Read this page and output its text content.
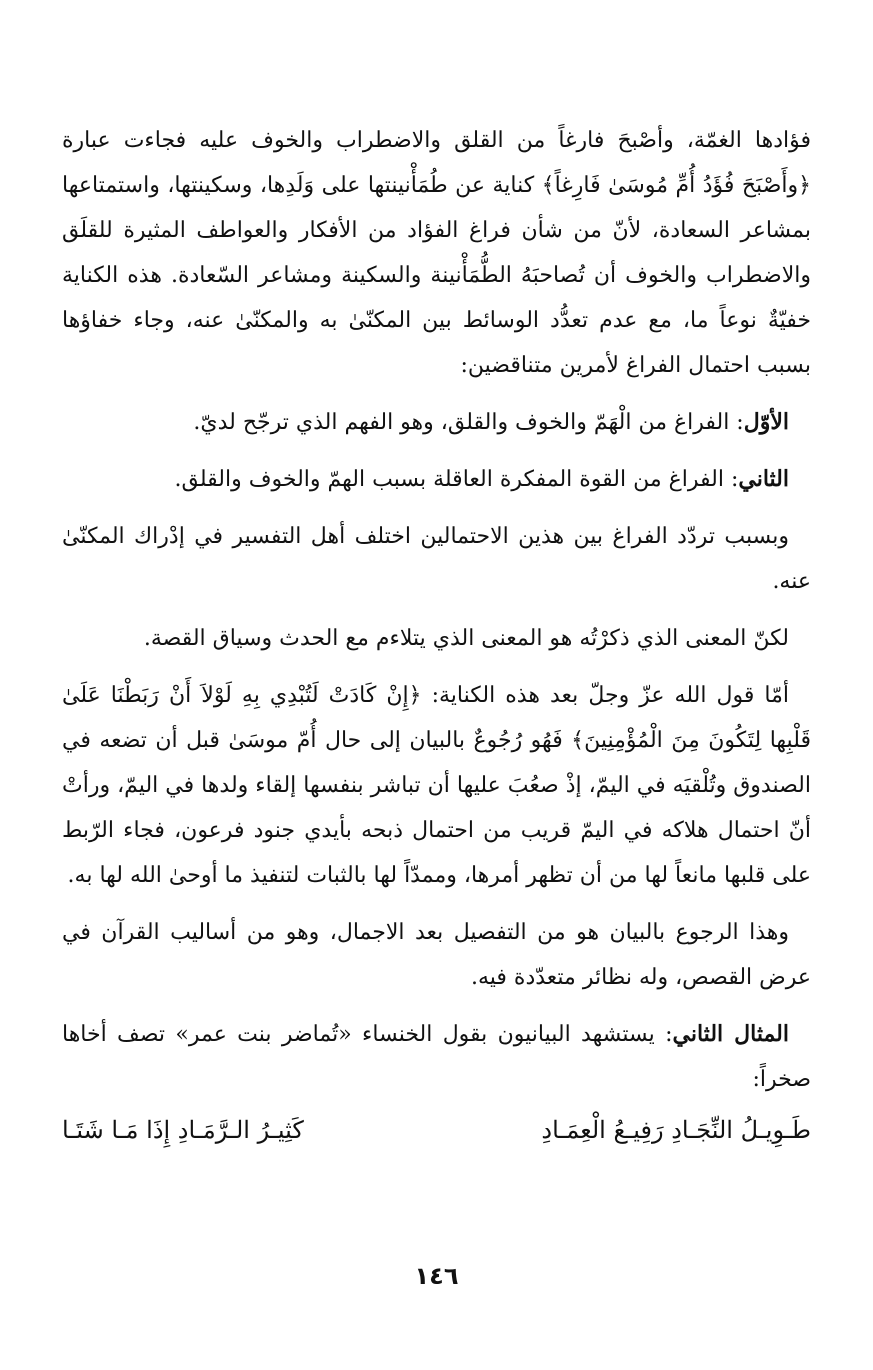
فؤادها الغمّة، وأصْبحَ فارغاً من القلق والاضطراب والخوف عليه فجاءت عبارة ﴿وأَصْبَحَ فُؤَدُ أُمِّ مُوسَىٰ فَارِغاً﴾ كناية عن طُمَأْنينتها على وَلَدِها، وسكينتها، واستمتاعها بمشاعر السعادة، لأنّ من شأن فراغ الفؤاد من الأفكار والعواطف المثيرة للقلَق والاضطراب والخوف أن تُصاحبَهُ الطُّمَأْنينة والسكينة ومشاعر السّعادة. هذه الكناية خفيّةٌ نوعاً ما، مع عدم تعدُّد الوسائط بين المكنّىٰ به والمكنّىٰ عنه، وجاء خفاؤها بسبب احتمال الفراغ لأمرين متناقضين:

الأوّل: الفراغ من الْهَمّ والخوف والقلق، وهو الفهم الذي ترجّح لديّ.

الثاني: الفراغ من القوة المفكرة العاقلة بسبب الهمّ والخوف والقلق.

وبسبب تردّد الفراغ بين هذين الاحتمالين اختلف أهل التفسير في إدْراك المكنّىٰ عنه.

لكنّ المعنى الذي ذكرْتُه هو المعنى الذي يتلاءم مع الحدث وسياق القصة.

أمّا قول الله عزّ وجلّ بعد هذه الكناية: ﴿إِنْ كَادَتْ لَتُبْدِي بِهِ لَوْلاَ أَنْ رَبَطْنَا عَلَىٰ قَلْبِها لِتَكُونَ مِنَ الْمُؤْمِنِينَ﴾ فَهُو رُجُوعٌ بالبيان إلى حال أُمّ موسَىٰ قبل أن تضعه في الصندوق وتُلْقيَه في اليمّ، إذْ صعُبَ عليها أن تباشر بنفسها إلقاء ولدها في اليمّ، ورأتْ أنّ احتمال هلاكه في اليمّ قريب من احتمال ذبحه بأيدي جنود فرعون، فجاء الرّبط على قلبها مانعاً لها من أن تظهر أمرها، وممدّاً لها بالثبات لتنفيذ ما أوحىٰ الله لها به.

وهذا الرجوع بالبيان هو من التفصيل بعد الاجمال، وهو من أساليب القرآن في عرض القصص، وله نظائر متعدّدة فيه.

المثال الثاني: يستشهد البيانيون بقول الخنساء «تُماضر بنت عمر» تصف أخاها صخراً:

طَـوِيـلُ النِّجَـادِ رَفِيـعُ الْعِمَـادِ
كَثِيـرُ الـرَّمَـادِ إِذَا مَـا شَتَـا
١٤٦
